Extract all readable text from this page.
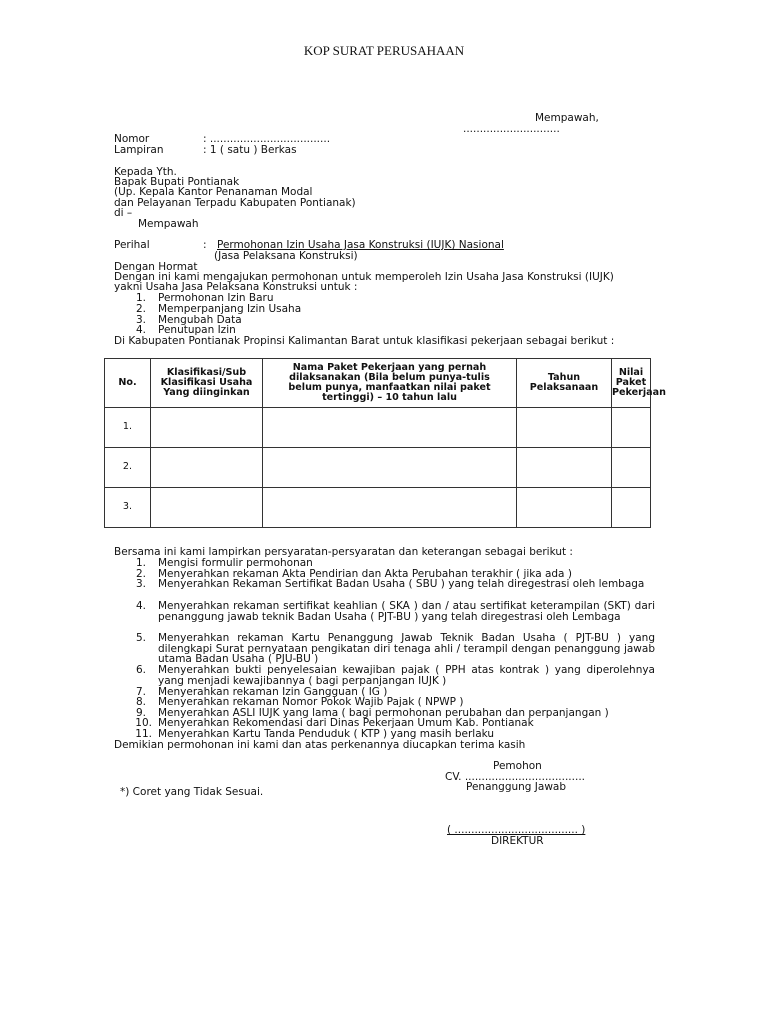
KOP SURAT PERUSAHAAN
Mempawah,
.............................
Nomor	: ....................................
Lampiran	: 1 ( satu ) Berkas
Kepada Yth.
Bapak Bupati Pontianak
(Up. Kepala Kantor Penanaman Modal
dan Pelayanan Terpadu Kabupaten Pontianak)
di –
Mempawah
Perihal	: Permohonan Izin Usaha Jasa Konstruksi (IUJK) Nasional
(Jasa Pelaksana Konstruksi)
Dengan Hormat
Dengan ini kami mengajukan permohonan untuk memperoleh Izin Usaha Jasa Konstruksi (IUJK)
yakni Usaha Jasa Pelaksana Konstruksi untuk :
1. Permohonan Izin Baru
2. Memperpanjang Izin Usaha
3. Mengubah Data
4. Penutupan Izin
Di Kabupaten Pontianak Propinsi Kalimantan Barat untuk klasifikasi pekerjaan sebagai berikut :
No.	Klasifikasi/Sub Klasifikasi Usaha Yang diinginkan	Nama Paket Pekerjaan yang pernah dilaksanakan (Bila belum punya-tulis belum punya, manfaatkan nilai paket tertinggi) – 10 tahun lalu	Tahun Pelaksanaan	Nilai Paket Pekerjaan
1.				
2.				
3.				
Bersama ini kami lampirkan persyaratan-persyaratan dan keterangan sebagai berikut :
1. Mengisi formulir permohonan
2. Menyerahkan rekaman Akta Pendirian dan Akta Perubahan terakhir ( jika ada )
3. Menyerahkan Rekaman Sertifikat Badan Usaha ( SBU ) yang telah diregestrasi oleh lembaga
4. Menyerahkan rekaman sertifikat keahlian ( SKA ) dan / atau sertifikat keterampilan (SKT) dari penanggung jawab teknik Badan Usaha ( PJT-BU ) yang telah diregestrasi oleh Lembaga
5. Menyerahkan rekaman Kartu Penanggung Jawab Teknik Badan Usaha ( PJT-BU ) yang dilengkapi Surat pernyataan pengikatan diri tenaga ahli / terampil dengan penanggung jawab utama Badan Usaha ( PJU-BU )
6. Menyerahkan bukti penyelesaian kewajiban pajak ( PPH atas kontrak ) yang diperolehnya yang menjadi kewajibannya ( bagi perpanjangan IUJK )
7. Menyerahkan rekaman Izin Gangguan ( IG )
8. Menyerahkan rekaman Nomor Pokok Wajib Pajak ( NPWP )
9. Menyerahkan ASLI IUJK yang lama ( bagi permohonan perubahan dan perpanjangan )
10. Menyerahkan Rekomendasi dari Dinas Pekerjaan Umum Kab. Pontianak
11. Menyerahkan Kartu Tanda Penduduk ( KTP ) yang masih berlaku
Demikian permohonan ini kami dan atas perkenannya diucapkan terima kasih
Pemohon
CV. ....................................
Penanggung Jawab
*) Coret yang Tidak Sesuai.
( ..................................... )
DIREKTUR
